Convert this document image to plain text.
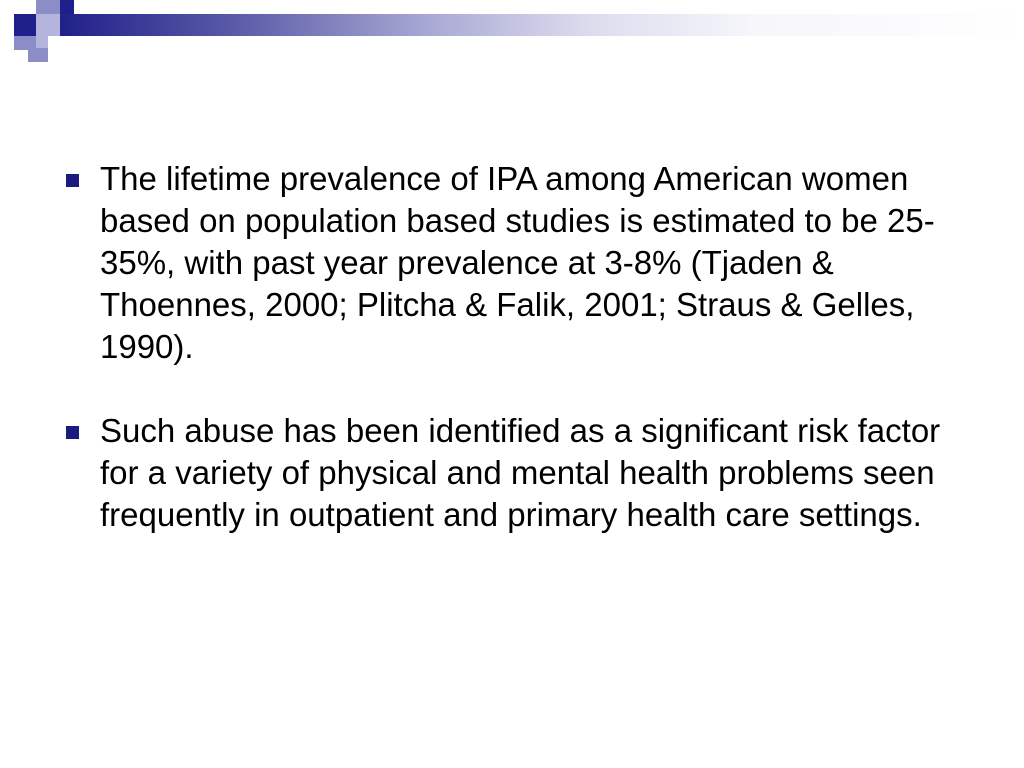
The lifetime prevalence of IPA among American women based on population based studies is estimated to be 25-35%, with past year prevalence at 3-8% (Tjaden & Thoennes, 2000; Plitcha & Falik, 2001; Straus & Gelles, 1990).
Such abuse has been identified as a significant risk factor for a variety of physical and mental health problems seen frequently in outpatient and primary health care settings.
